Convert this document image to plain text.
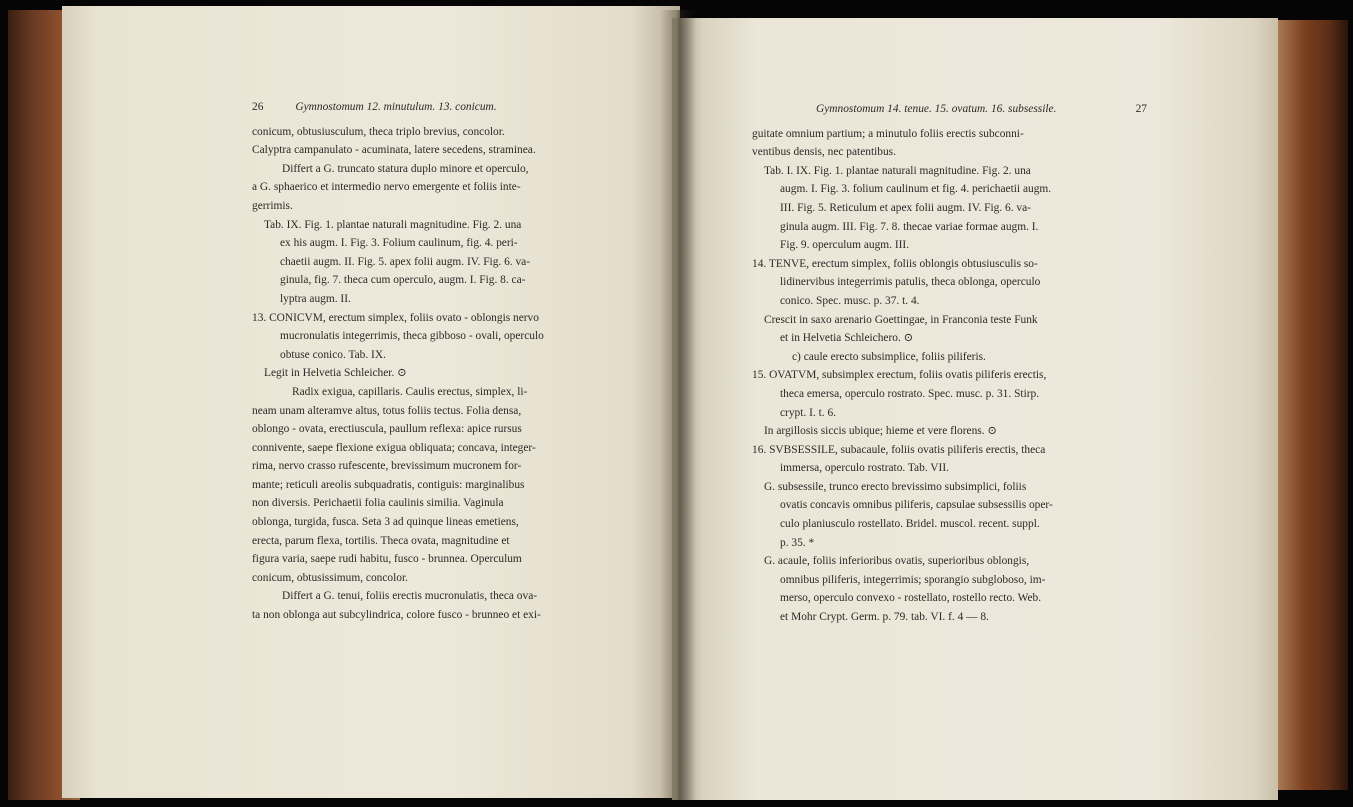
26	Gymnostomum 12. minutulum. 13. conicum.

conicum, obtusiusculum, theca triplo brevius, concolor.

Calyptra campanulato - acuminata, latere secedens, straminea.

Differt a G. truncato statura duplo minore et operculo,

a G. sphaerico et intermedio nervo emergente et foliis inte-

gerrimis.

Tab. IX. Fig. 1. plantae naturali magnitudine. Fig. 2. una

ex his augm. I. Fig. 3. Folium caulinum, fig. 4. peri-

chaetii augm. II. Fig. 5. apex folii augm. IV. Fig. 6. va-

ginula, fig. 7. theca cum operculo, augm. I. Fig. 8. ca-

lyptra augm. II.

13. CONICVM, erectum simplex, foliis ovato - oblongis nervo

mucronulatis integerrimis, theca gibboso - ovali, operculo

obtuse conico. Tab. IX.

Legit in Helvetia Schleicher. ⊙

Radix exigua, capillaris. Caulis erectus, simplex, li-

neam unam alteramve altus, totus foliis tectus. Folia densa,

oblongo - ovata, erectiuscula, paullum reflexa: apice rursus

connivente, saepe flexione exigua obliquata; concava, integer-

rima, nervo crasso rufescente, brevissimum mucronem for-

mante; reticuli areolis subquadratis, contiguis: marginalibus

non diversis. Perichaetii folia caulinis similia. Vaginula

oblonga, turgida, fusca. Seta 3 ad quinque lineas emetiens,

erecta, parum flexa, tortilis. Theca ovata, magnitudine et

figura varia, saepe rudi habitu, fusco - brunnea. Operculum

conicum, obtusissimum, concolor.

Differt a G. tenui, foliis erectis mucronulatis, theca ova-

ta non oblonga aut subcylindrica, colore fusco - brunneo et exi-

Gymnostomum 14. tenue. 15. ovatum. 16. subsessile.	27

guitate omnium partium; a minutulo foliis erectis subconni-

ventibus densis, nec patentibus.

Tab. I. IX. Fig. 1. plantae naturali magnitudine. Fig. 2. una

augm. I. Fig. 3. folium caulinum et fig. 4. perichaetii augm.

III. Fig. 5. Reticulum et apex folii augm. IV. Fig. 6. va-

ginula augm. III. Fig. 7. 8. thecae variae formae augm. I.

Fig. 9. operculum augm. III.

14. TENVE, erectum simplex, foliis oblongis obtusiusculis so-

lidinervibus integerrimis patulis, theca oblonga, operculo

conico. Spec. musc. p. 37. t. 4.

Crescit in saxo arenario Goettingae, in Franconia teste Funk

et in Helvetia Schleichero. ⊙

c) caule erecto subsimplice, foliis piliferis.

15. OVATVM, subsimplex erectum, foliis ovatis piliferis erectis,

theca emersa, operculo rostrato. Spec. musc. p. 31. Stirp.

crypt. I. t. 6.

In argillosis siccis ubique; hieme et vere florens. ⊙

16. SVBSESSILE, subacaule, foliis ovatis piliferis erectis, theca

immersa, operculo rostrato. Tab. VII.

G. subsessile, trunco erecto brevissimo subsimplici, foliis

ovatis concavis omnibus piliferis, capsulae subsessilis oper-

culo planiusculo rostellato. Bridel. muscol. recent. suppl.

p. 35. *

G. acaule, foliis inferioribus ovatis, superioribus oblongis,

omnibus piliferis, integerrimis; sporangio subgloboso, im-

merso, operculo convexo - rostellato, rostello recto. Web.

et Mohr Crypt. Germ. p. 79. tab. VI. f. 4 — 8.
